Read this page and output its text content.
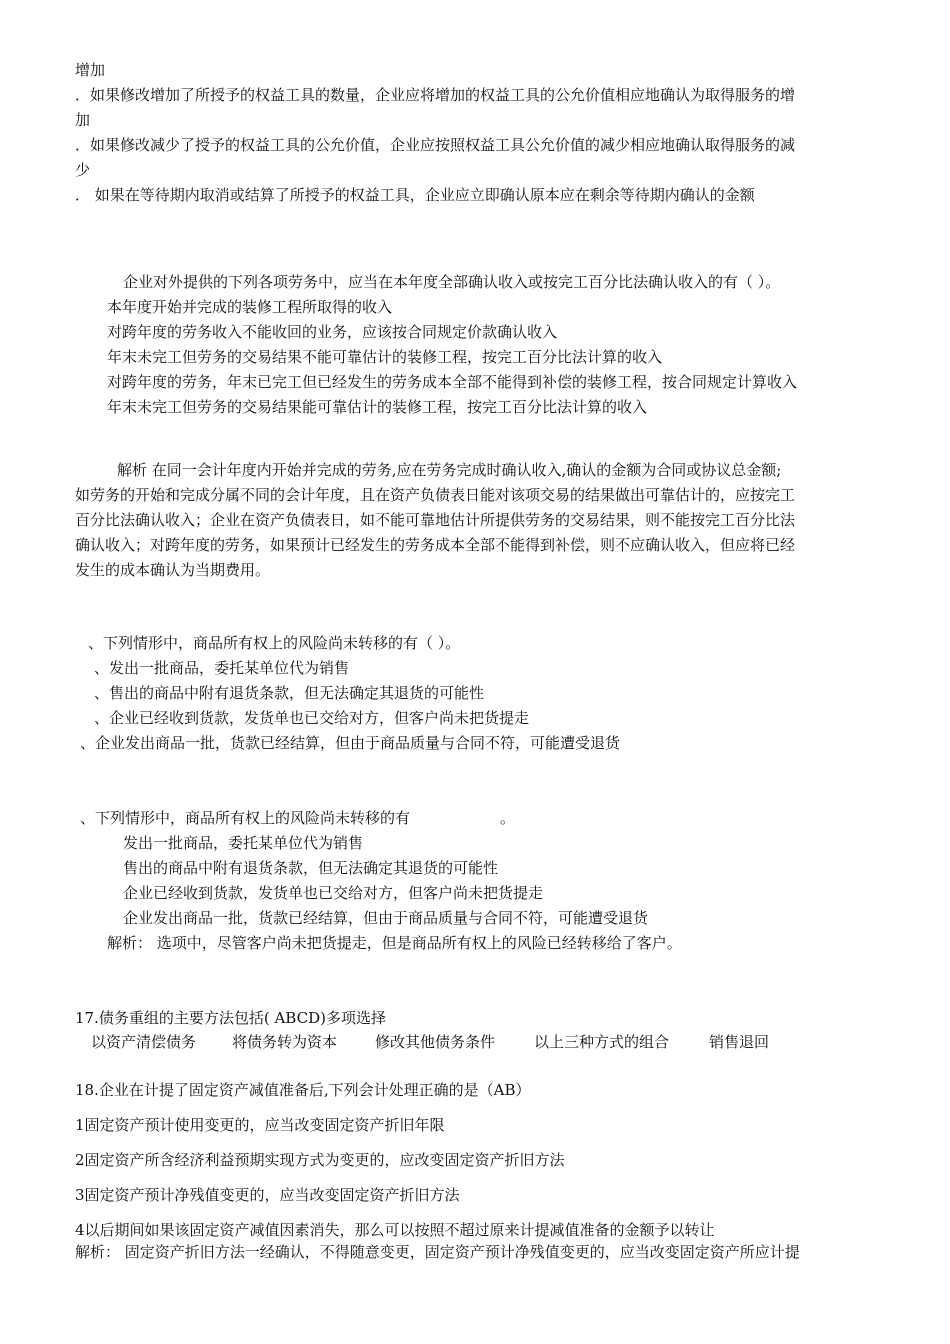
增加
．如果修改增加了所授予的权益工具的数量，企业应将增加的权益工具的公允价值相应地确认为取得服务的增
加
．如果修改减少了授予的权益工具的公允价值，企业应按照权益工具公允价值的减少相应地确认取得服务的减
少
． 如果在等待期内取消或结算了所授予的权益工具，企业应立即确认原本应在剩余等待期内确认的金额
企业对外提供的下列各项劳务中，应当在本年度全部确认收入或按完工百分比法确认收入的有（ ）。
本年度开始并完成的装修工程所取得的收入
对跨年度的劳务收入不能收回的业务，应该按合同规定价款确认收入
年末未完工但劳务的交易结果不能可靠估计的装修工程，按完工百分比法计算的收入
对跨年度的劳务，年末已完工但已经发生的劳务成本全部不能得到补偿的装修工程，按合同规定计算收入
年末未完工但劳务的交易结果能可靠估计的装修工程，按完工百分比法计算的收入
解析 在同一会计年度内开始并完成的劳务,应在劳务完成时确认收入,确认的金额为合同或协议总金额;
如劳务的开始和完成分属不同的会计年度，且在资产负债表日能对该项交易的结果做出可靠估计的，应按完工
百分比法确认收入；企业在资产负债表日，如不能可靠地估计所提供劳务的交易结果，则不能按完工百分比法
确认收入；对跨年度的劳务，如果预计已经发生的劳务成本全部不能得到补偿，则不应确认收入，但应将已经
发生的成本确认为当期费用。
、下列情形中，商品所有权上的风险尚未转移的有（ ）。
、发出一批商品，委托某单位代为销售
、售出的商品中附有退货条款，但无法确定其退货的可能性
、企业已经收到货款，发货单也已交给对方，但客户尚未把货提走
、企业发出商品一批，货款已经结算，但由于商品质量与合同不符，可能遭受退货
、下列情形中，商品所有权上的风险尚未转移的有	。
发出一批商品，委托某单位代为销售
售出的商品中附有退货条款，但无法确定其退货的可能性
企业已经收到货款，发货单也已交给对方，但客户尚未把货提走
企业发出商品一批，货款已经结算，但由于商品质量与合同不符，可能遭受退货
解析： 选项中，尽管客户尚未把货提走，但是商品所有权上的风险已经转移给了客户。
17.债务重组的主要方法包括( ABCD)多项选择
以资产清偿债务 将债务转为资本	修改其他债务条件	以上三种方式的组合	销售退回
18.企业在计提了固定资产减值准备后,下列会计处理正确的是（AB）
1固定资产预计使用变更的，应当改变固定资产折旧年限
2固定资产所含经济利益预期实现方式为变更的，应改变固定资产折旧方法
3固定资产预计净残值变更的，应当改变固定资产折旧方法
4以后期间如果该固定资产减值因素消失，那么可以按照不超过原来计提减值准备的金额予以转让
解析： 固定资产折旧方法一经确认，不得随意变更，固定资产预计净残值变更的，应当改变固定资产所应计提
